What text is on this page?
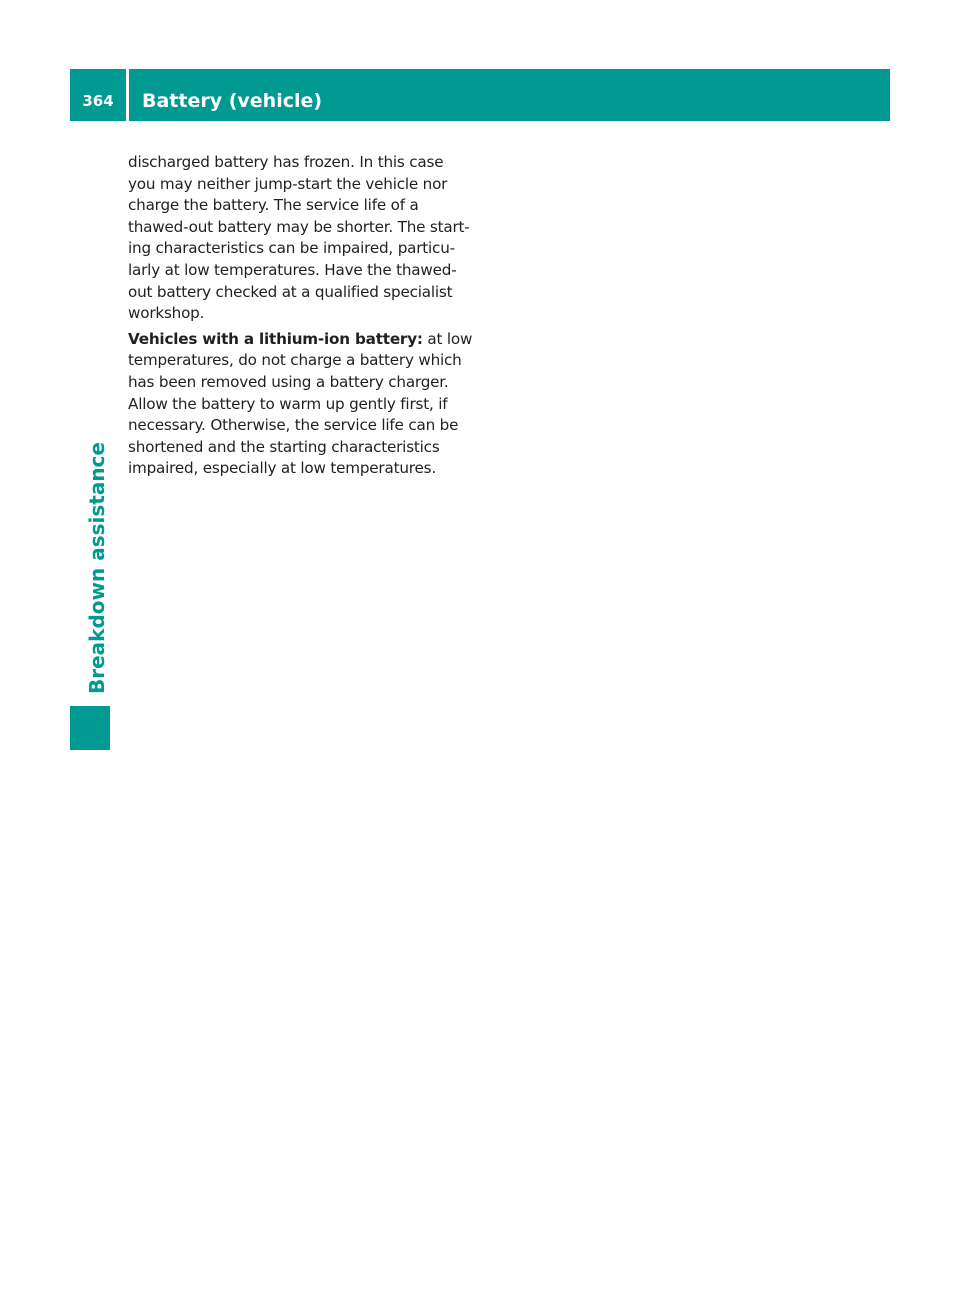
364	Battery (vehicle)
Breakdown assistance

discharged battery has frozen. In this case
you may neither jump-start the vehicle nor
charge the battery. The service life of a
thawed-out battery may be shorter. The start-
ing characteristics can be impaired, particu-
larly at low temperatures. Have the thawed-
out battery checked at a qualified specialist
workshop.

Vehicles with a lithium-ion battery: at low
temperatures, do not charge a battery which
has been removed using a battery charger.
Allow the battery to warm up gently first, if
necessary. Otherwise, the service life can be
shortened and the starting characteristics
impaired, especially at low temperatures.
